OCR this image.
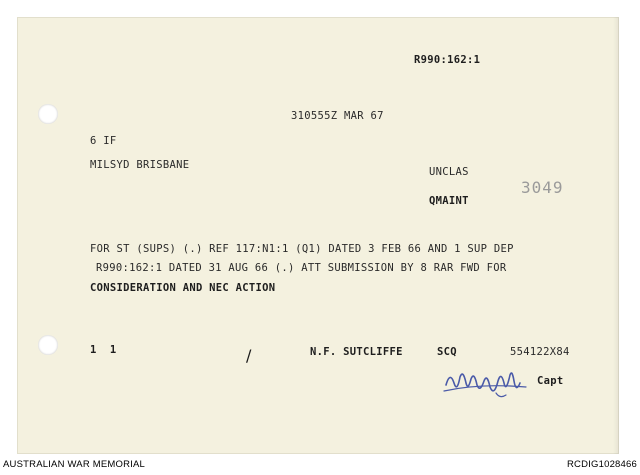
R990:162:1
310555Z MAR 67
6 IF
MILSYD BRISBANE
UNCLAS
3049
QMAINT
FOR ST (SUPS) (.) REF 117:N1:1 (Q1) DATED 3 FEB 66 AND 1 SUP DEP
R990:162:1 DATED 31 AUG 66 (.) ATT SUBMISSION BY 8 RAR FWD FOR
CONSIDERATION AND NEC ACTION
1  1	/	N.F. SUTCLIFFE	SCQ	554122X84
Capt
AUSTRALIAN WAR MEMORIAL	RCDIG1028466
